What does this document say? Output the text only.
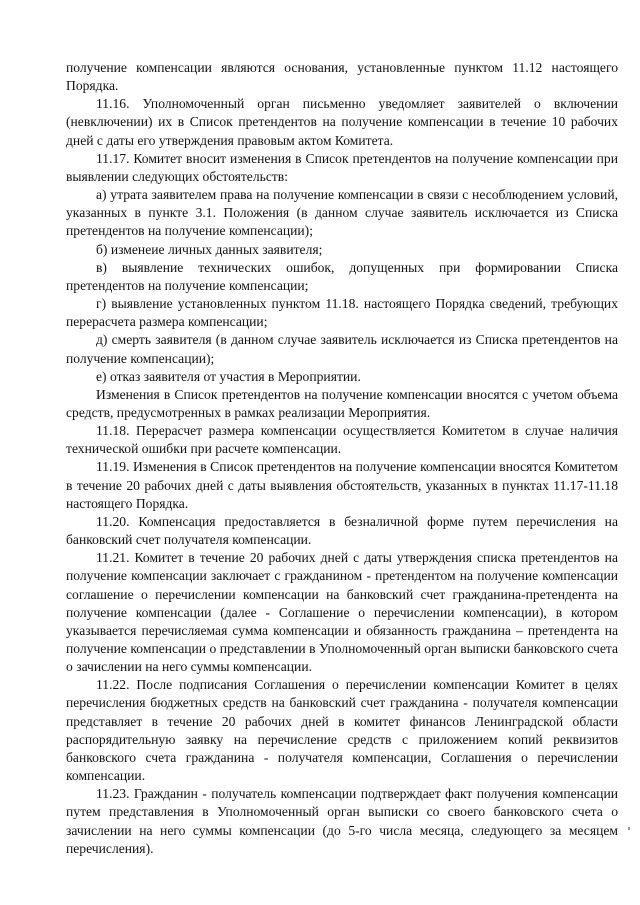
получение компенсации являются основания, установленные пунктом 11.12 настоящего Порядка.

11.16. Уполномоченный орган письменно уведомляет заявителей о включении (невключении) их в Список претендентов на получение компенсации в течение 10 рабочих дней с даты его утверждения правовым актом Комитета.

11.17. Комитет вносит изменения в Список претендентов на получение компенсации при выявлении следующих обстоятельств:

а) утрата заявителем права на получение компенсации в связи с несоблюдением условий, указанных в пункте 3.1. Положения (в данном случае заявитель исключается из Списка претендентов на получение компенсации);

б) изменеие личных данных заявителя;

в) выявление технических ошибок, допущенных при формировании Списка претендентов на получение компенсации;

г) выявление установленных пунктом 11.18. настоящего Порядка сведений, требующих перерасчета размера компенсации;

д) смерть заявителя (в данном случае заявитель исключается из Списка претендентов на получение компенсации);

е) отказ заявителя от участия в Мероприятии.

Изменения в Список претендентов на получение компенсации вносятся с учетом объема средств, предусмотренных в рамках реализации Мероприятия.

11.18. Перерасчет размера компенсации осуществляется Комитетом в случае наличия технической ошибки при расчете компенсации.

11.19. Изменения в Список претендентов на получение компенсации вносятся Комитетом в течение 20 рабочих дней с даты выявления обстоятельств, указанных в пунктах 11.17-11.18 настоящего Порядка.

11.20. Компенсация предоставляется в безналичной форме путем перечисления на банковский счет получателя компенсации.

11.21. Комитет в течение 20 рабочих дней с даты утверждения списка претендентов на получение компенсации заключает с гражданином - претендентом на получение компенсации соглашение о перечислении компенсации на банковский счет гражданина-претендента на получение компенсации (далее - Соглашение о перечислении компенсации), в котором указывается перечисляемая сумма компенсации и обязанность гражданина – претендента на получение компенсации о представлении в Уполномоченный орган выписки банковского счета о зачислении на него суммы компенсации.

11.22. После подписания Соглашения о перечислении компенсации Комитет в целях перечисления бюджетных средств на банковский счет гражданина - получателя компенсации представляет в течение 20 рабочих дней в комитет финансов Ленинградской области распорядительную заявку на перечисление средств с приложением копий реквизитов банковского счета гражданина - получателя компенсации, Соглашения о перечислении компенсации.

11.23. Гражданин - получатель компенсации подтверждает факт получения компенсации путем представления в Уполномоченный орган выписки со своего банковского счета о зачислении на него суммы компенсации (до 5-го числа месяца, следующего за месяцем перечисления).
